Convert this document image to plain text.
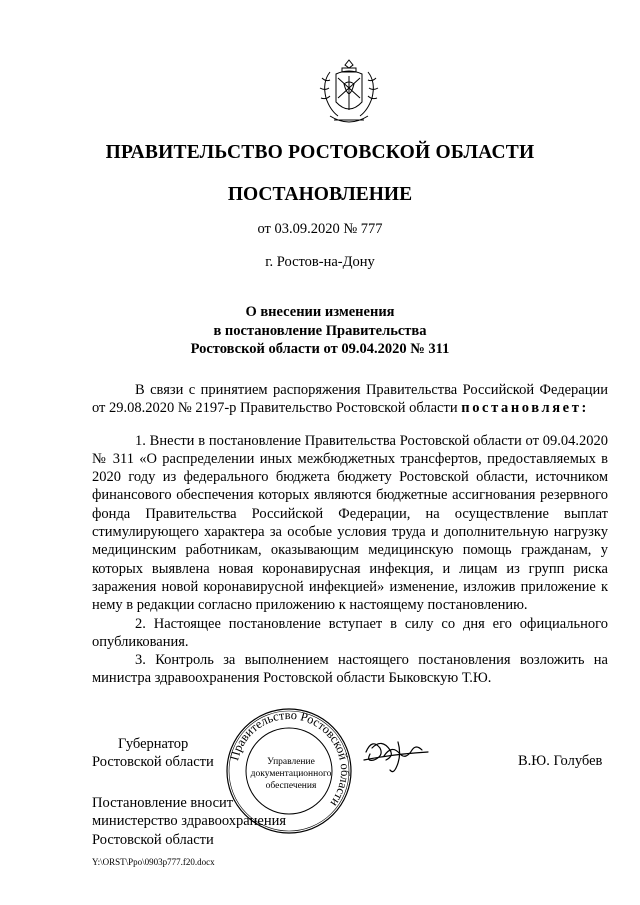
ПРАВИТЕЛЬСТВО РОСТОВСКОЙ ОБЛАСТИ
ПОСТАНОВЛЕНИЕ
от 03.09.2020 № 777
г. Ростов-на-Дону
О внесении изменения
в постановление Правительства
Ростовской области от 09.04.2020 № 311

В связи с принятием распоряжения Правительства Российской Федерации от 29.08.2020 № 2197-р Правительство Ростовской области постановляет:

1. Внести в постановление Правительства Ростовской области от 09.04.2020 № 311 «О распределении иных межбюджетных трансфертов, предоставляемых в 2020 году из федерального бюджета бюджету Ростовской области, источником финансового обеспечения которых являются бюджетные ассигнования резервного фонда Правительства Российской Федерации, на осуществление выплат стимулирующего характера за особые условия труда и дополнительную нагрузку медицинским работникам, оказывающим медицинскую помощь гражданам, у которых выявлена новая коронавирусная инфекция, и лицам из групп риска заражения новой коронавирусной инфекцией» изменение, изложив приложение к нему в редакции согласно приложению к настоящему постановлению.

2. Настоящее постановление вступает в силу со дня его официального опубликования.

3. Контроль за выполнением настоящего постановления возложить на министра здравоохранения Ростовской области Быковскую Т.Ю.

Губернатор
Ростовской области Правительство Ростовской области
Управление
документационного
обеспечения
В.Ю. Голубев
Постановление вносит
министерство здравоохранения
Ростовской области
Y:\ORST\Ppo\0903p777.f20.docx
